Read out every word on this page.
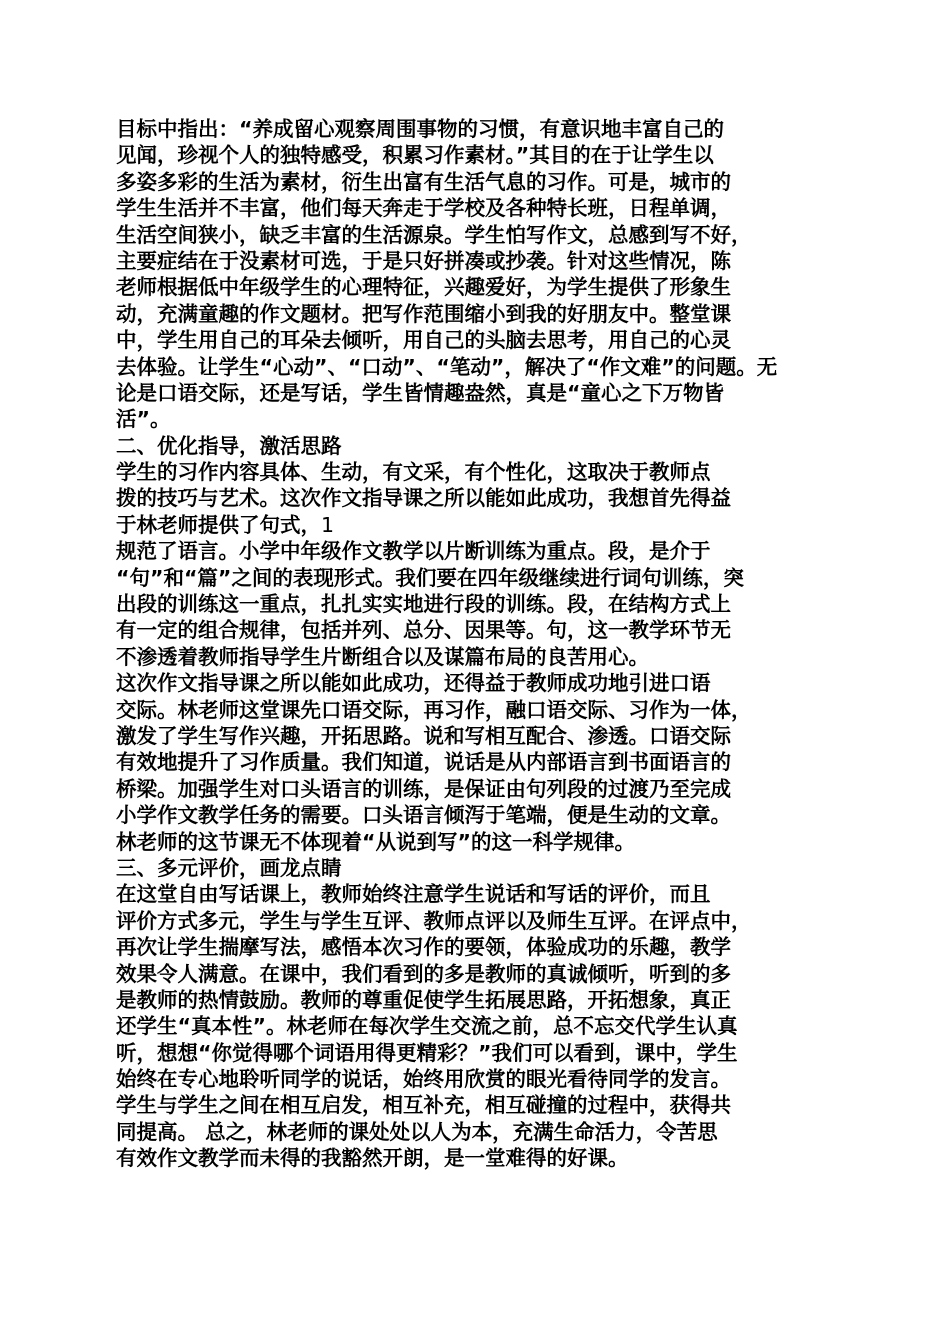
目标中指出：“养成留心观察周围事物的习惯，有意识地丰富自己的
见闻，珍视个人的独特感受，积累习作素材。”其目的在于让学生以
多姿多彩的生活为素材，衍生出富有生活气息的习作。可是，城市的
学生生活并不丰富，他们每天奔走于学校及各种特长班，日程单调，
生活空间狭小，缺乏丰富的生活源泉。学生怕写作文，总感到写不好，
主要症结在于没素材可选，于是只好拼凑或抄袭。针对这些情况，陈
老师根据低中年级学生的心理特征，兴趣爱好，为学生提供了形象生
动，充满童趣的作文题材。把写作范围缩小到我的好朋友中。整堂课
中，学生用自己的耳朵去倾听，用自己的头脑去思考，用自己的心灵
去体验。让学生“心动”、“口动”、“笔动”，解决了“作文难”的问题。无
论是口语交际，还是写话，学生皆情趣盎然，真是“童心之下万物皆
活”。
二、优化指导，激活思路
学生的习作内容具体、生动，有文采，有个性化，这取决于教师点
拨的技巧与艺术。这次作文指导课之所以能如此成功，我想首先得益
于林老师提供了句式，1
规范了语言。小学中年级作文教学以片断训练为重点。段，是介于
“句”和“篇”之间的表现形式。我们要在四年级继续进行词句训练，突
出段的训练这一重点，扎扎实实地进行段的训练。段，在结构方式上
有一定的组合规律，包括并列、总分、因果等。句，这一教学环节无
不渗透着教师指导学生片断组合以及谋篇布局的良苦用心。
这次作文指导课之所以能如此成功，还得益于教师成功地引进口语
交际。林老师这堂课先口语交际，再习作，融口语交际、习作为一体，
激发了学生写作兴趣，开拓思路。说和写相互配合、渗透。口语交际
有效地提升了习作质量。我们知道，说话是从内部语言到书面语言的
桥梁。加强学生对口头语言的训练，是保证由句列段的过渡乃至完成
小学作文教学任务的需要。口头语言倾泻于笔端，便是生动的文章。
林老师的这节课无不体现着“从说到写”的这一科学规律。
三、多元评价，画龙点睛
在这堂自由写话课上，教师始终注意学生说话和写话的评价，而且
评价方式多元，学生与学生互评、教师点评以及师生互评。在评点中，
再次让学生揣摩写法，感悟本次习作的要领，体验成功的乐趣，教学
效果令人满意。在课中，我们看到的多是教师的真诚倾听，听到的多
是教师的热情鼓励。教师的尊重促使学生拓展思路，开拓想象，真正
还学生“真本性”。林老师在每次学生交流之前，总不忘交代学生认真
听，想想“你觉得哪个词语用得更精彩？”我们可以看到，课中，学生
始终在专心地聆听同学的说话，始终用欣赏的眼光看待同学的发言。
学生与学生之间在相互启发，相互补充，相互碰撞的过程中，获得共
同提高。 总之，林老师的课处处以人为本，充满生命活力，令苦思
有效作文教学而未得的我豁然开朗，是一堂难得的好课。
